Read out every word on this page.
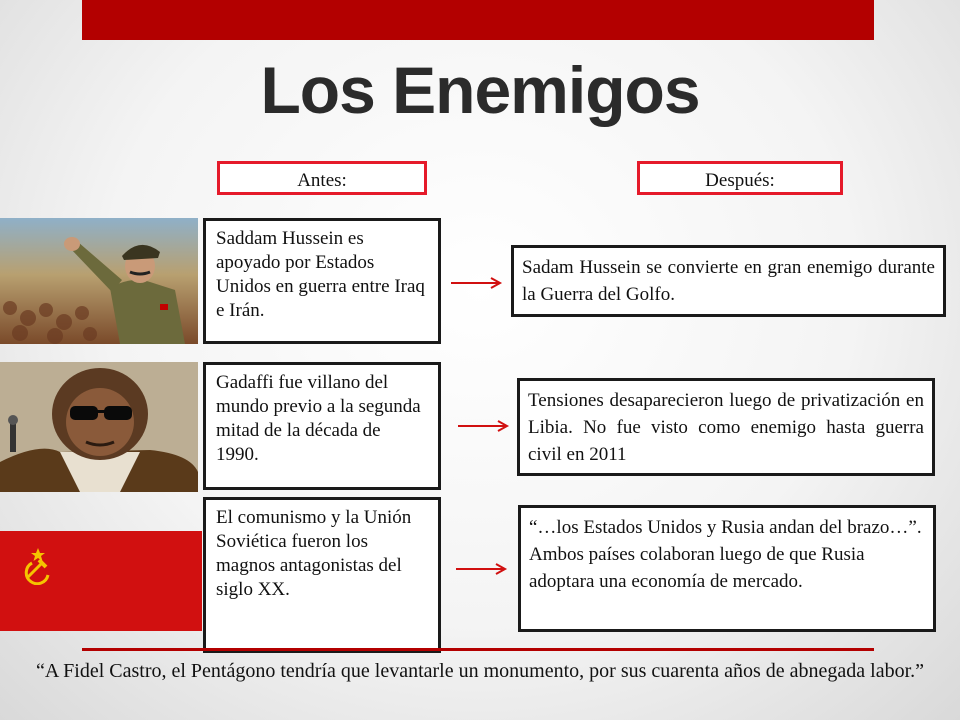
Los Enemigos
Antes:	Después:
Saddam Hussein es apoyado por Estados Unidos en guerra entre Iraq e Irán.
Sadam Hussein se convierte en gran enemigo durante la Guerra del Golfo.
Gadaffi fue villano del mundo previo a la segunda mitad de la década de 1990.
Tensiones desaparecieron luego de privatización en Libia. No fue visto como enemigo hasta guerra civil en 2011
El comunismo y la Unión Soviética fueron los magnos antagonistas del siglo XX.
“…los Estados Unidos y Rusia andan del brazo…”. Ambos países colaboran luego de que Rusia adoptara una economía de mercado.
“A Fidel Castro, el Pentágono tendría que levantarle un monumento, por sus cuarenta años de abnegada labor.”
